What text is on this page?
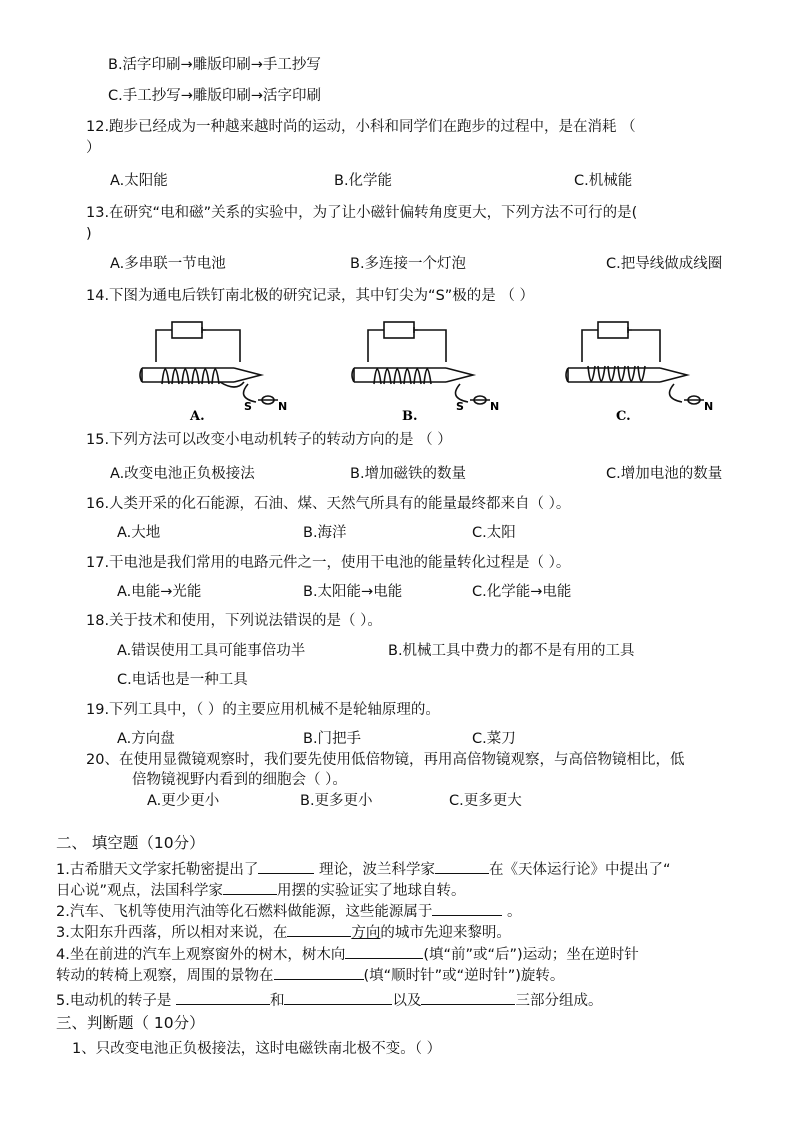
B.活字印刷→雕版印刷→手工抄写
C.手工抄写→雕版印刷→活字印刷
12.跑步已经成为一种越来越时尚的运动，小科和同学们在跑步的过程中，是在消耗 （
）
A.太阳能	B.化学能	C.机械能
13.在研究“电和磁”关系的实验中，为了让小磁针偏转角度更大，下列方法不可行的是(
)
A.多串联一节电池	B.多连接一个灯泡	C.把导线做成线圈
14.下图为通电后铁钉南北极的研究记录，其中钉尖为“S”极的是 （ ）
S N
A.
S N
B.
N
C.
15.下列方法可以改变小电动机转子的转动方向的是 （ ）
A.改变电池正负极接法	B.增加磁铁的数量	C.增加电池的数量
16.人类开采的化石能源，石油、煤、天然气所具有的能量最终都来自（ ）。
A.大地	B.海洋	C.太阳
17.干电池是我们常用的电路元件之一，使用干电池的能量转化过程是（ ）。
A.电能→光能	B.太阳能→电能	C.化学能→电能
18.关于技术和使用，下列说法错误的是（ ）。
A.错误使用工具可能事倍功半	B.机械工具中费力的都不是有用的工具
C.电话也是一种工具
19.下列工具中，（ ）的主要应用机械不是轮轴原理的。
A.方向盘	B.门把手	C.菜刀
20、在使用显微镜观察时，我们要先使用低倍物镜，再用高倍物镜观察，与高倍物镜相比，低
倍物镜视野内看到的细胞会（ ）。
A.更少更小	B.更多更小	C.更多更大
二、 填空题（10分）
1.古希腊天文学家托勒密提出了	理论，波兰科学家	在《天体运行论》中提出了“
日心说”观点，法国科学家	用摆的实验证实了地球自转。
2.汽车、飞机等使用汽油等化石燃料做能源，这些能源属于	。
3.太阳东升西落，所以相对来说，在	方向的城市先迎来黎明。
4.坐在前进的汽车上观察窗外的树木，树木向	(填“前”或“后”)运动；坐在逆时针
转动的转椅上观察，周围的景物在	(填“顺时针”或“逆时针”)旋转。
5.电动机的转子是	和	以及	三部分组成。
三、判断题（ 10分）
1、只改变电池正负极接法，这时电磁铁南北极不变。（ ）
